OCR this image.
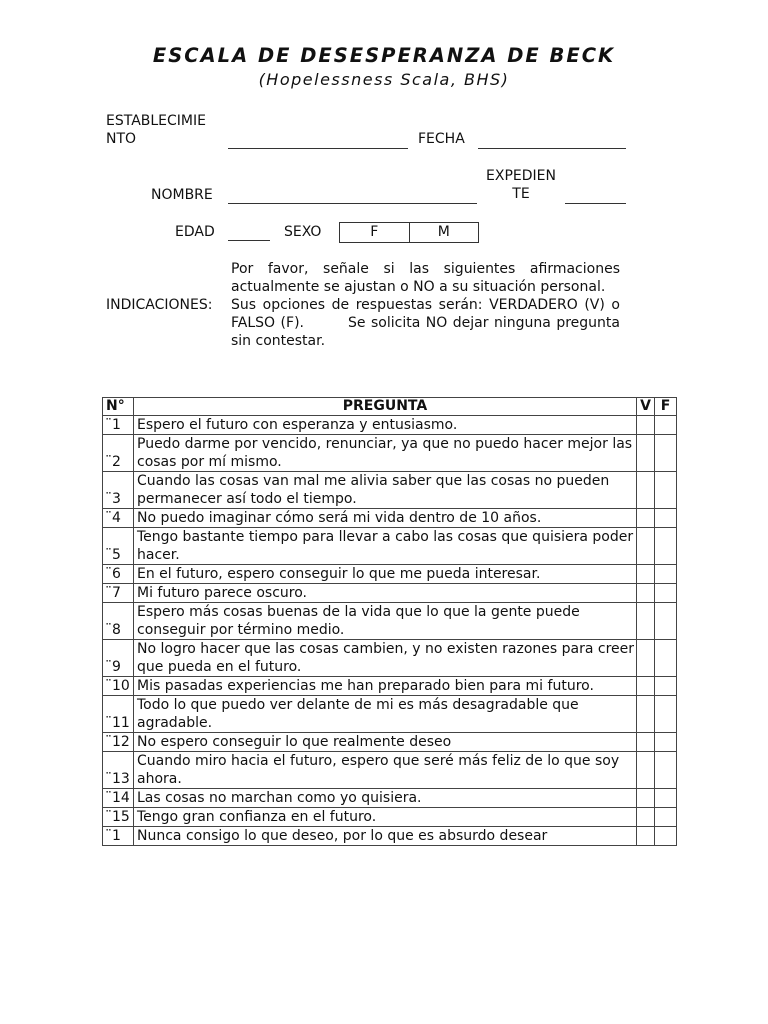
ESCALA DE DESESPERANZA DE BECK
(Hopelessness Scala, BHS)
ESTABLECIMIE
NTO	FECHA
EXPEDIEN
TE
NOMBRE
EDAD	SEXO	F	M
INDICACIONES:
Por favor, señale si las siguientes afirmaciones actualmente se ajustan o NO a su situación personal.
Sus opciones de respuestas serán: VERDADERO (V) o FALSO (F).        Se solicita NO dejar ninguna pregunta sin contestar.
N°	PREGUNTA	V	F
¨1	Espero el futuro con esperanza y entusiasmo.		
¨2	Puedo darme por vencido, renunciar, ya que no puedo hacer mejor las cosas por mí mismo.		
¨3	Cuando las cosas van mal me alivia saber que las cosas no pueden permanecer así todo el tiempo.		
¨4	No puedo imaginar cómo será mi vida dentro de 10 años.		
¨5	Tengo bastante tiempo para llevar a cabo las cosas que quisiera poder hacer.		
¨6	En el futuro, espero conseguir lo que me pueda interesar.		
¨7	Mi futuro parece oscuro.		
¨8	Espero más cosas buenas de la vida que lo que la gente puede conseguir por término medio.		
¨9	No logro hacer que las cosas cambien, y no existen razones para creer que pueda en el futuro.		
¨10	Mis pasadas experiencias me han preparado bien para mi futuro.		
¨11	Todo lo que puedo ver delante de mi es más desagradable que agradable.		
¨12	No espero conseguir lo que realmente deseo		
¨13	Cuando miro hacia el futuro, espero que seré más feliz de lo que soy ahora.		
¨14	Las cosas no marchan como yo quisiera.		
¨15	Tengo gran confianza en el futuro.		
¨1	Nunca consigo lo que deseo, por lo que es absurdo desear		
